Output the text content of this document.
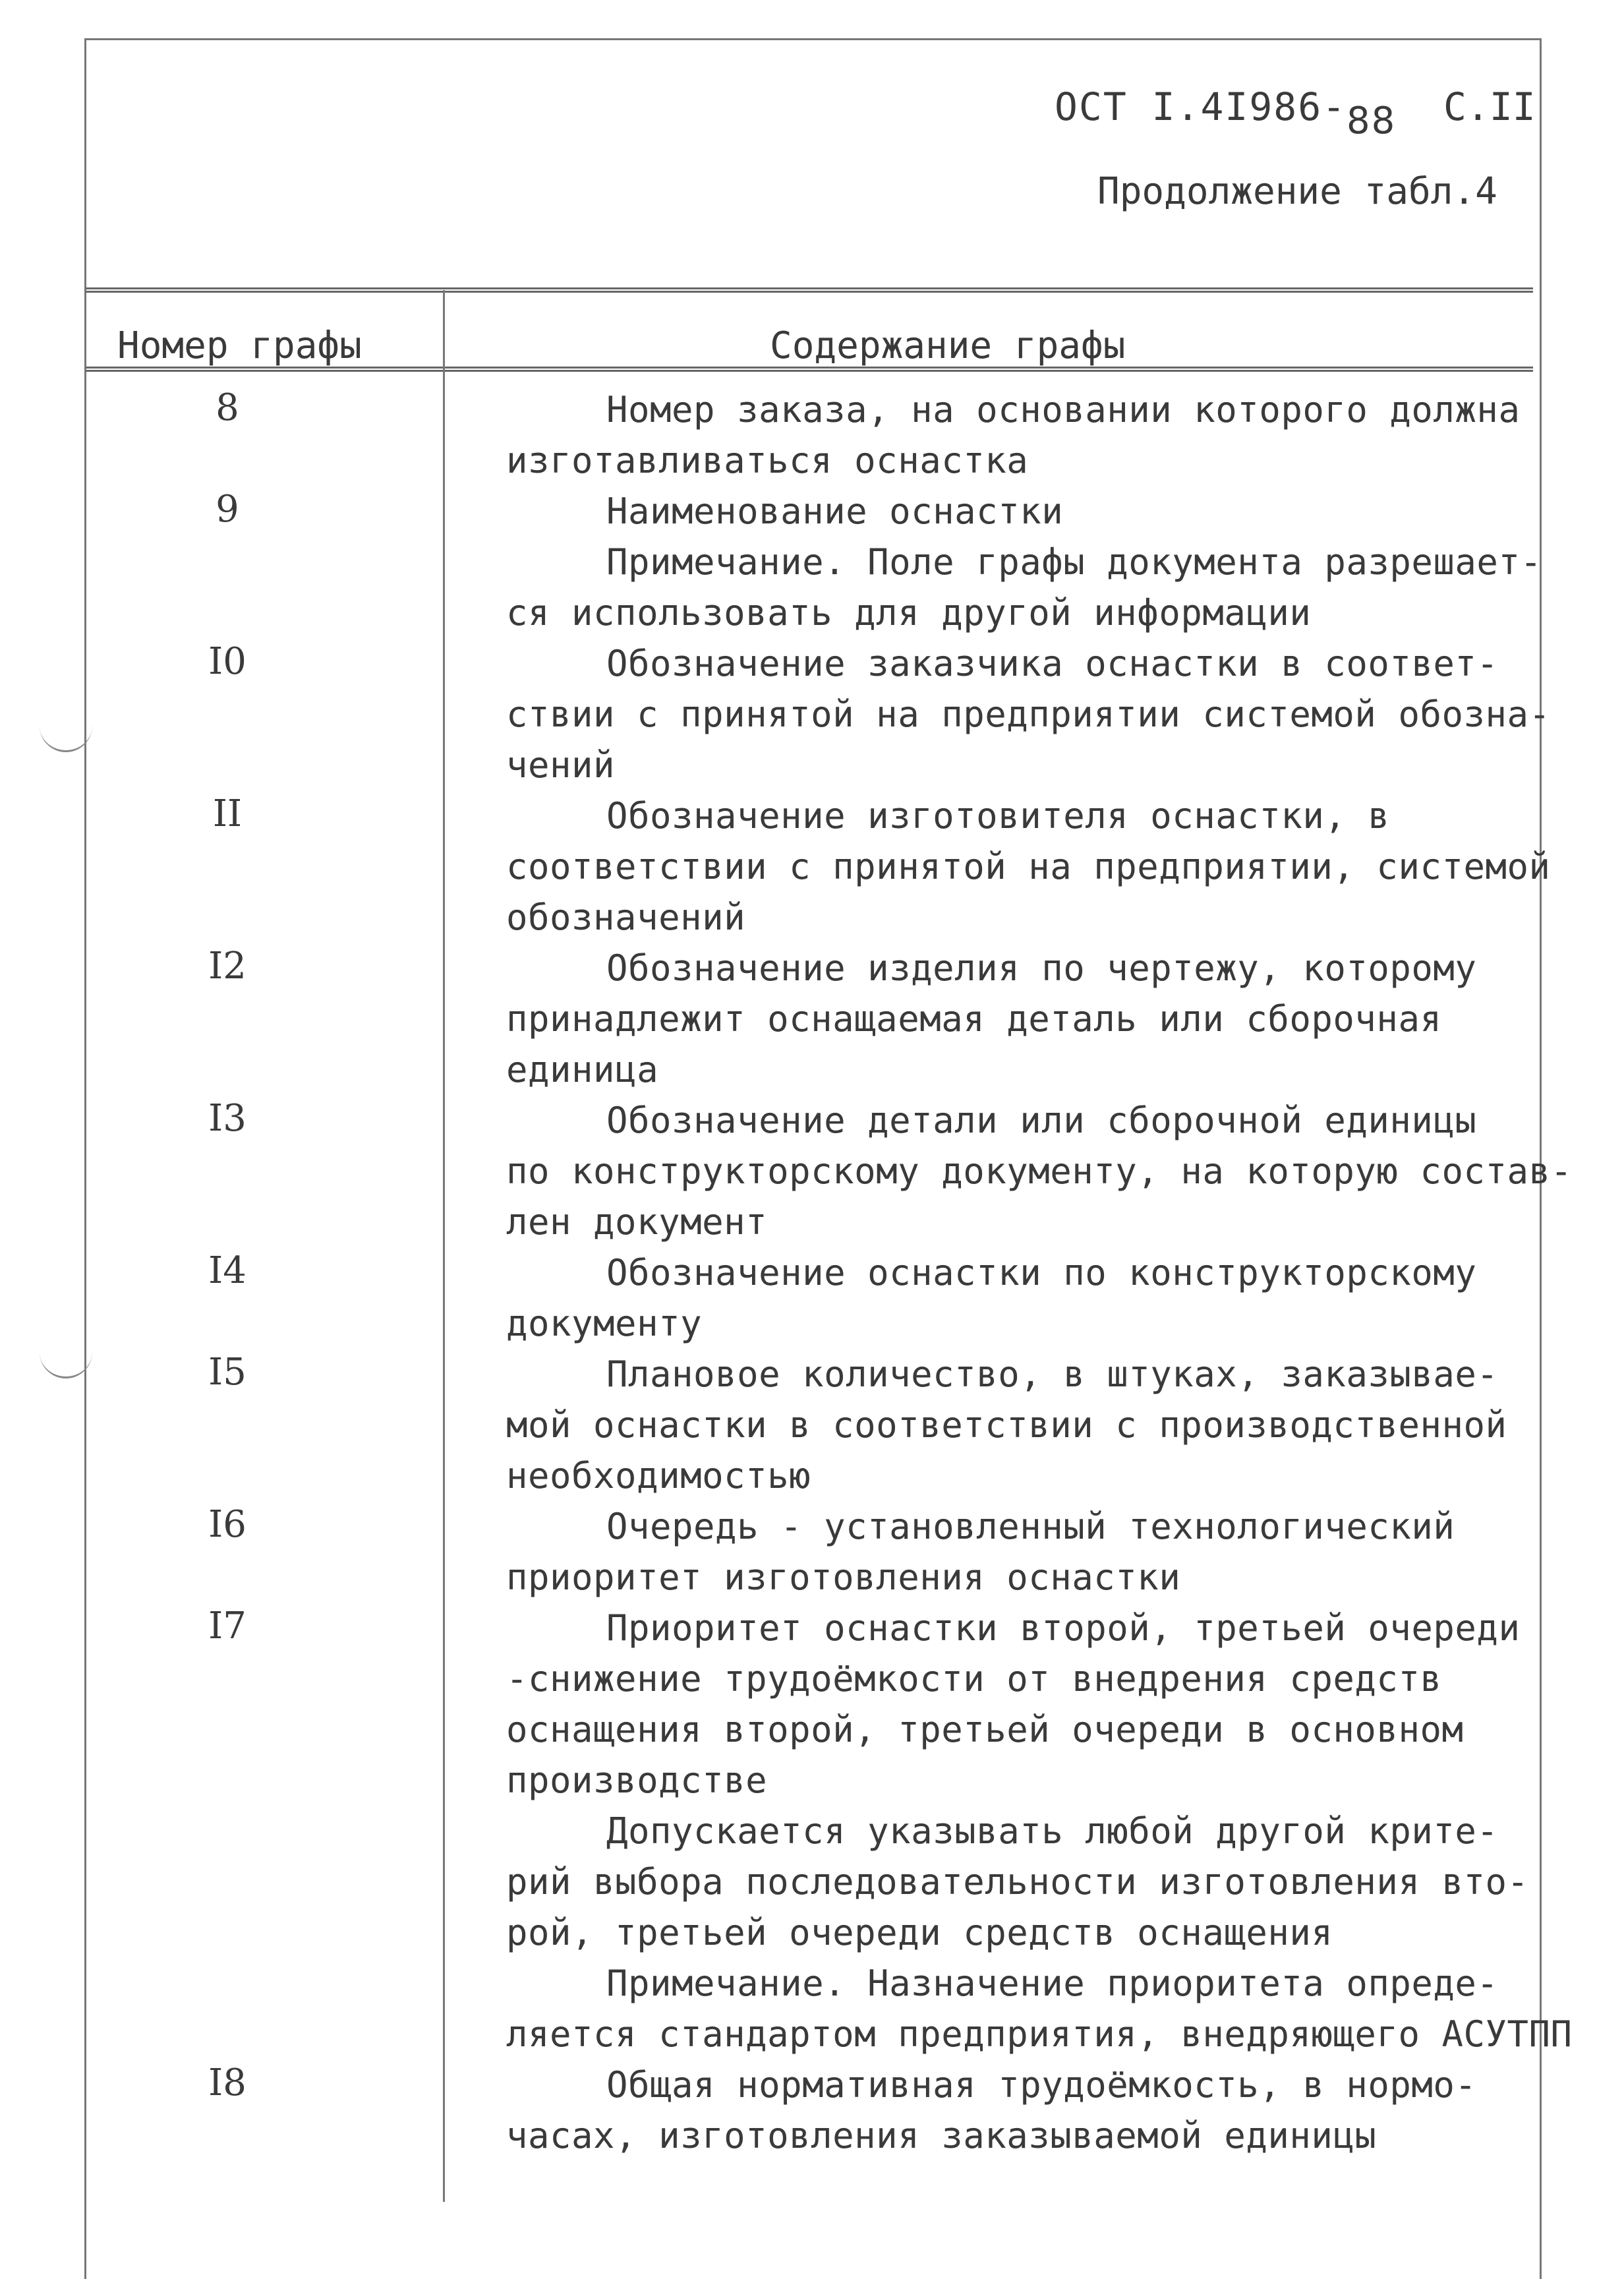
ОСТ І.4І986-88 С.ІІ
Продолжение табл.4
Номер графы	Содержание графы
8	Номер заказа, на основании которого должна
изготавливаться оснастка
9	Наименование оснастки
Примечание. Поле графы документа разрешает-
ся использовать для другой информации
І0	Обозначение заказчика оснастки в соответ-
ствии с принятой на предприятии системой обозна-
чений
ІІ	Обозначение изготовителя оснастки, в
соответствии с принятой на предприятии, системой
обозначений
І2	Обозначение изделия по чертежу, которому
принадлежит оснащаемая деталь или сборочная
единица
І3	Обозначение детали или сборочной единицы
по конструкторскому документу, на которую состав-
лен документ
І4	Обозначение оснастки по конструкторскому
документу
І5	Плановое количество, в штуках, заказывае-
мой оснастки в соответствии с производственной
необходимостью
І6	Очередь - установленный технологический
приоритет изготовления оснастки
І7	Приоритет оснастки второй, третьей очереди
-снижение трудоёмкости от внедрения средств
оснащения второй, третьей очереди в основном
производстве
Допускается указывать любой другой крите-
рий выбора последовательности изготовления вто-
рой, третьей очереди средств оснащения
Примечание. Назначение приоритета опреде-
ляется стандартом предприятия, внедряющего АСУТПП
І8	Общая нормативная трудоёмкость, в нормо-
часах, изготовления заказываемой единицы
